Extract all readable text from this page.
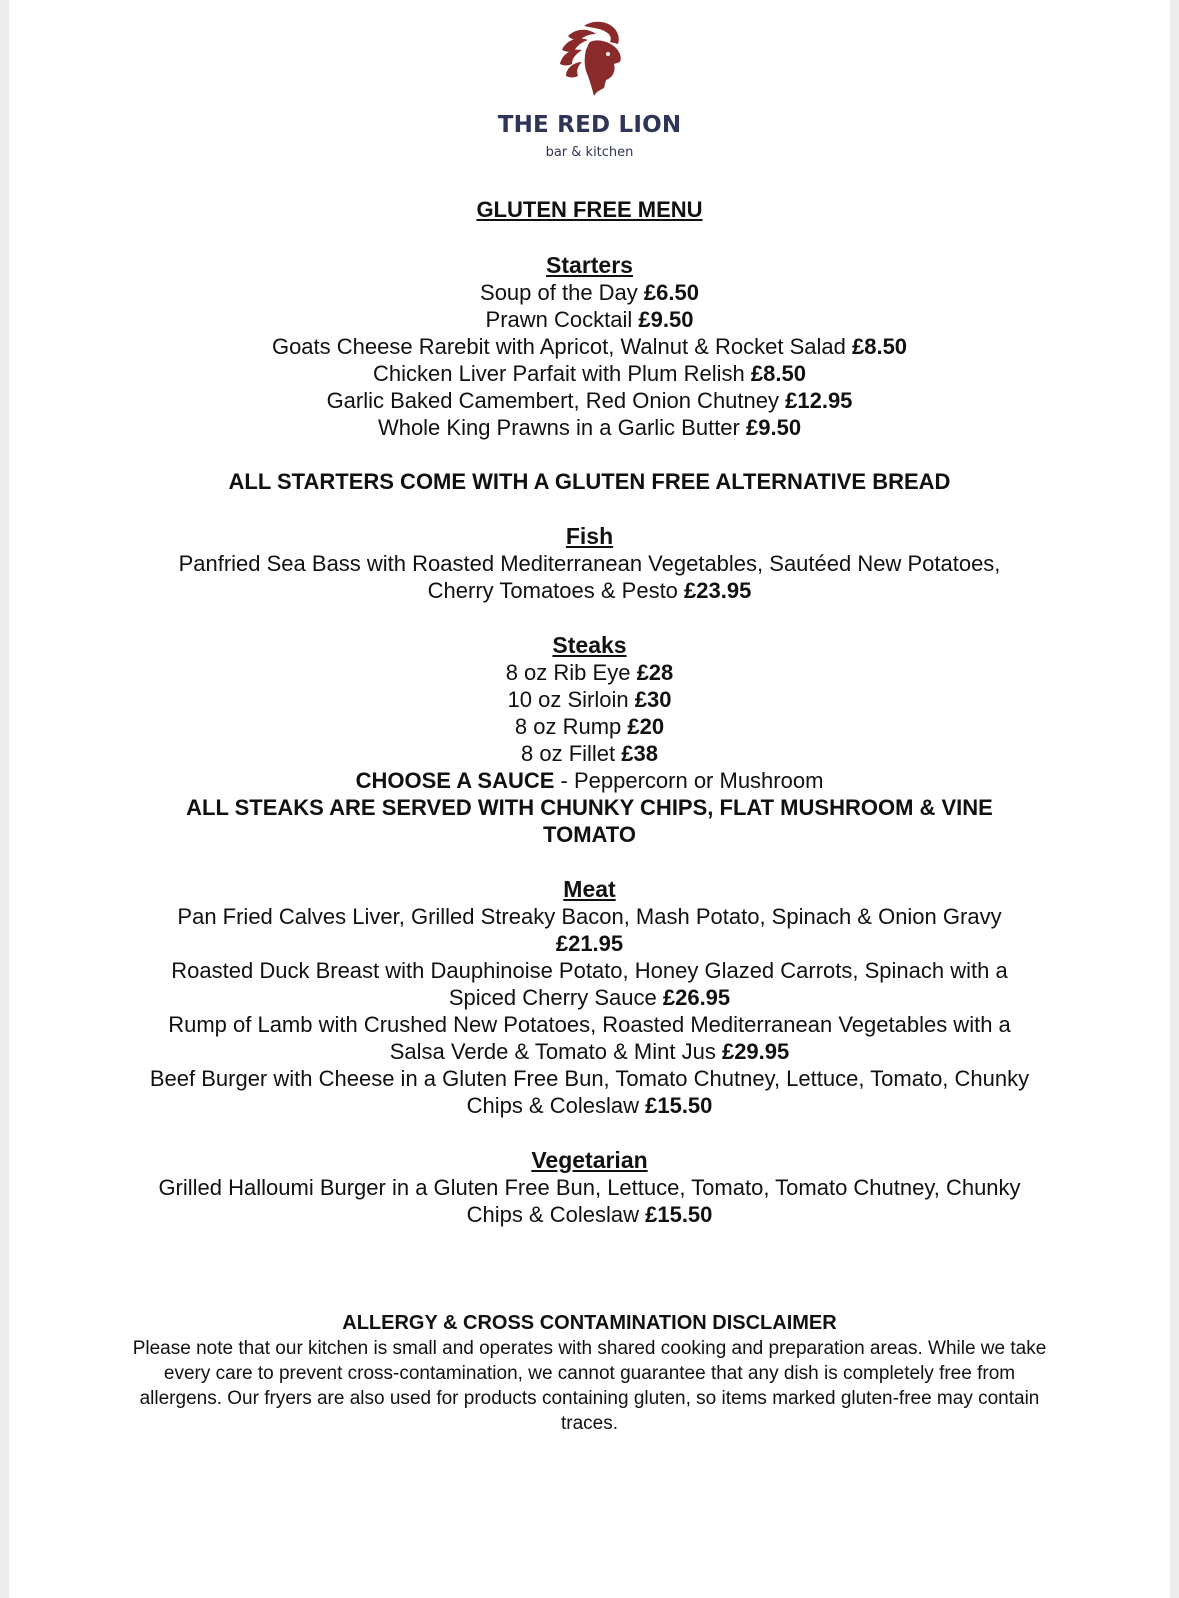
THE RED LION
bar & kitchen
GLUTEN FREE MENU
Starters
Soup of the Day £6.50
Prawn Cocktail £9.50
Goats Cheese Rarebit with Apricot, Walnut & Rocket Salad £8.50
Chicken Liver Parfait with Plum Relish £8.50
Garlic Baked Camembert, Red Onion Chutney £12.95
Whole King Prawns in a Garlic Butter £9.50
ALL STARTERS COME WITH A GLUTEN FREE ALTERNATIVE BREAD
Fish
Panfried Sea Bass with Roasted Mediterranean Vegetables, Sautéed New Potatoes,
Cherry Tomatoes & Pesto £23.95
Steaks
8 oz Rib Eye £28
10 oz Sirloin £30
8 oz Rump £20
8 oz Fillet £38
CHOOSE A SAUCE - Peppercorn or Mushroom
ALL STEAKS ARE SERVED WITH CHUNKY CHIPS, FLAT MUSHROOM & VINE
TOMATO
Meat
Pan Fried Calves Liver, Grilled Streaky Bacon, Mash Potato, Spinach & Onion Gravy
£21.95
Roasted Duck Breast with Dauphinoise Potato, Honey Glazed Carrots, Spinach with a
Spiced Cherry Sauce £26.95
Rump of Lamb with Crushed New Potatoes, Roasted Mediterranean Vegetables with a
Salsa Verde & Tomato & Mint Jus £29.95
Beef Burger with Cheese in a Gluten Free Bun, Tomato Chutney, Lettuce, Tomato, Chunky
Chips & Coleslaw £15.50
Vegetarian
Grilled Halloumi Burger in a Gluten Free Bun, Lettuce, Tomato, Tomato Chutney, Chunky
Chips & Coleslaw £15.50
ALLERGY & CROSS CONTAMINATION DISCLAIMER
Please note that our kitchen is small and operates with shared cooking and preparation areas. While we take every care to prevent cross-contamination, we cannot guarantee that any dish is completely free from allergens. Our fryers are also used for products containing gluten, so items marked gluten-free may contain traces.
